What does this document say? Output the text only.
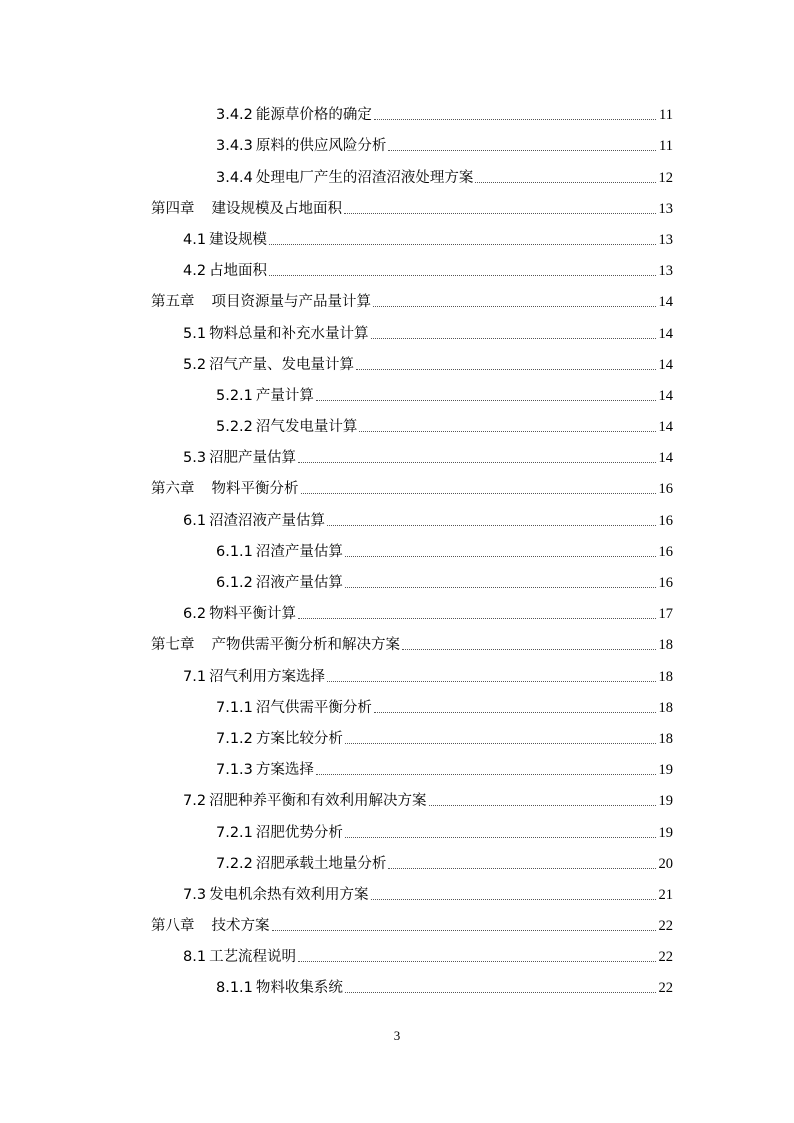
3.4.2 能源草价格的确定	11
3.4.3 原料的供应风险分析	11
3.4.4 处理电厂产生的沼渣沼液处理方案	12
第四章 建设规模及占地面积	13
4.1 建设规模	13
4.2 占地面积	13
第五章 项目资源量与产品量计算	14
5.1 物料总量和补充水量计算	14
5.2 沼气产量、发电量计算	14
5.2.1 产量计算	14
5.2.2 沼气发电量计算	14
5.3 沼肥产量估算	14
第六章 物料平衡分析	16
6.1 沼渣沼液产量估算	16
6.1.1 沼渣产量估算	16
6.1.2 沼液产量估算	16
6.2 物料平衡计算	17
第七章 产物供需平衡分析和解决方案	18
7.1 沼气利用方案选择	18
7.1.1 沼气供需平衡分析	18
7.1.2 方案比较分析	18
7.1.3 方案选择	19
7.2 沼肥种养平衡和有效利用解决方案	19
7.2.1 沼肥优势分析	19
7.2.2 沼肥承载土地量分析	20
7.3 发电机余热有效利用方案	21
第八章 技术方案	22
8.1 工艺流程说明	22
8.1.1 物料收集系统	22
3
